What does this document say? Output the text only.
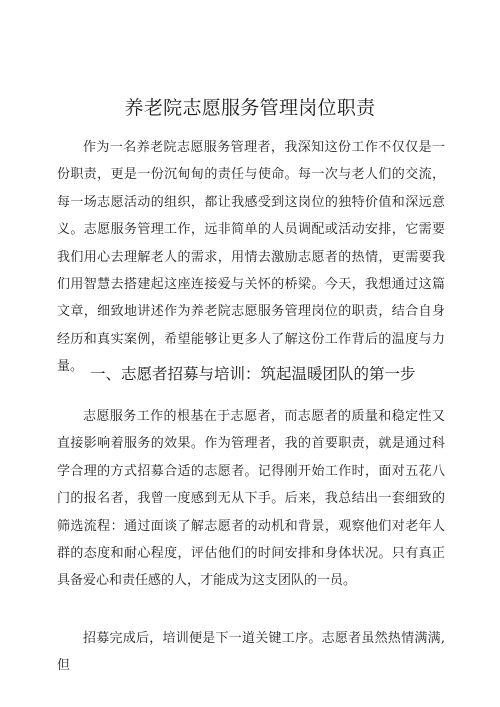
养老院志愿服务管理岗位职责

作为一名养老院志愿服务管理者，我深知这份工作不仅仅是一份职责，更是一份沉甸甸的责任与使命。每一次与老人们的交流，每一场志愿活动的组织，都让我感受到这岗位的独特价值和深远意义。志愿服务管理工作，远非简单的人员调配或活动安排，它需要我们用心去理解老人的需求，用情去激励志愿者的热情，更需要我们用智慧去搭建起这座连接爱与关怀的桥梁。今天，我想通过这篇文章，细致地讲述作为养老院志愿服务管理岗位的职责，结合自身经历和真实案例，希望能够让更多人了解这份工作背后的温度与力量。 一、志愿者招募与培训：筑起温暖团队的第一步

志愿服务工作的根基在于志愿者，而志愿者的质量和稳定性又直接影响着服务的效果。作为管理者，我的首要职责，就是通过科学合理的方式招募合适的志愿者。记得刚开始工作时，面对五花八门的报名者，我曾一度感到无从下手。后来，我总结出一套细致的筛选流程：通过面谈了解志愿者的动机和背景，观察他们对老年人群的态度和耐心程度，评估他们的时间安排和身体状况。只有真正具备爱心和责任感的人，才能成为这支团队的一员。

招募完成后，培训便是下一道关键工序。志愿者虽然热情满满, 但
